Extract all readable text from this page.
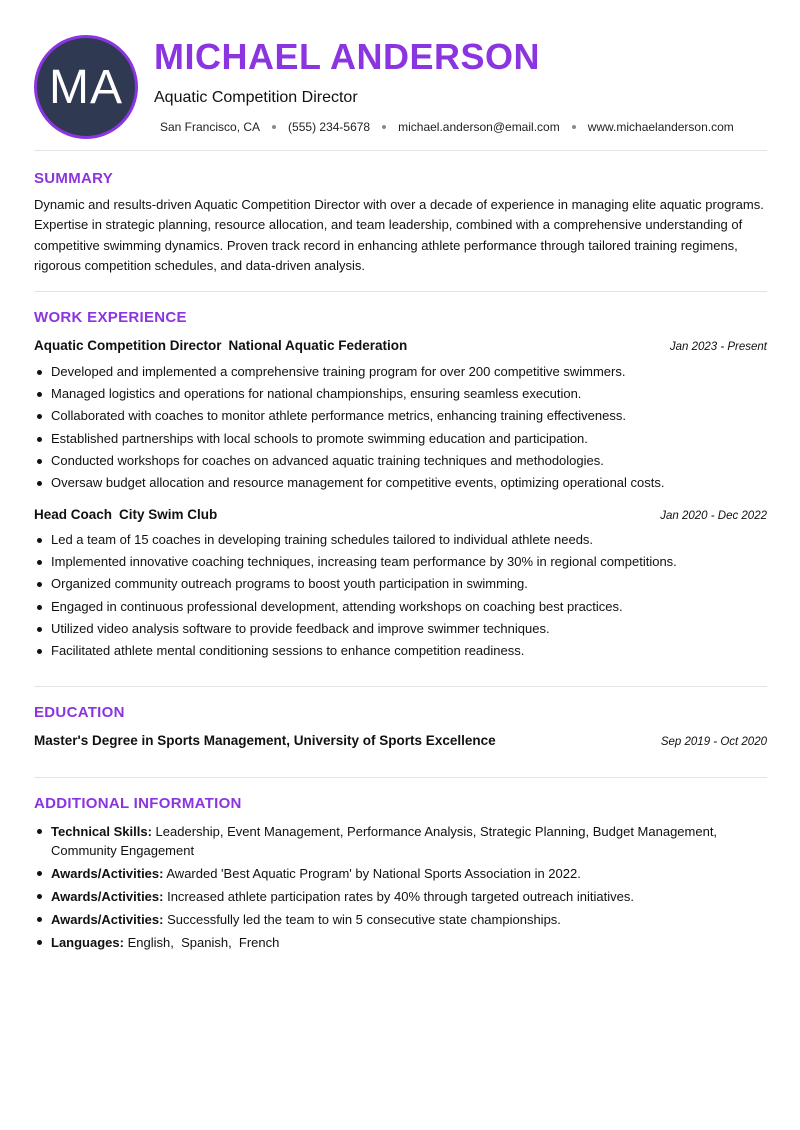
MA
MICHAEL ANDERSON
Aquatic Competition Director
San Francisco, CA (555) 234-5678 michael.anderson@email.com www.michaelanderson.com
SUMMARY
Dynamic and results-driven Aquatic Competition Director with over a decade of experience in managing elite aquatic programs. Expertise in strategic planning, resource allocation, and team leadership, combined with a comprehensive understanding of competitive swimming dynamics. Proven track record in enhancing athlete performance through tailored training regimens, rigorous competition schedules, and data-driven analysis.
WORK EXPERIENCE
Aquatic Competition Director National Aquatic Federation	Jan 2023 - Present
Developed and implemented a comprehensive training program for over 200 competitive swimmers.
Managed logistics and operations for national championships, ensuring seamless execution.
Collaborated with coaches to monitor athlete performance metrics, enhancing training effectiveness.
Established partnerships with local schools to promote swimming education and participation.
Conducted workshops for coaches on advanced aquatic training techniques and methodologies.
Oversaw budget allocation and resource management for competitive events, optimizing operational costs.
Head Coach City Swim Club	Jan 2020 - Dec 2022
Led a team of 15 coaches in developing training schedules tailored to individual athlete needs.
Implemented innovative coaching techniques, increasing team performance by 30% in regional competitions.
Organized community outreach programs to boost youth participation in swimming.
Engaged in continuous professional development, attending workshops on coaching best practices.
Utilized video analysis software to provide feedback and improve swimmer techniques.
Facilitated athlete mental conditioning sessions to enhance competition readiness.
EDUCATION
Master's Degree in Sports Management, University of Sports Excellence	Sep 2019 - Oct 2020
ADDITIONAL INFORMATION
Technical Skills: Leadership, Event Management, Performance Analysis, Strategic Planning, Budget Management, Community Engagement
Awards/Activities: Awarded 'Best Aquatic Program' by National Sports Association in 2022.
Awards/Activities: Increased athlete participation rates by 40% through targeted outreach initiatives.
Awards/Activities: Successfully led the team to win 5 consecutive state championships.
Languages: English , Spanish , French
